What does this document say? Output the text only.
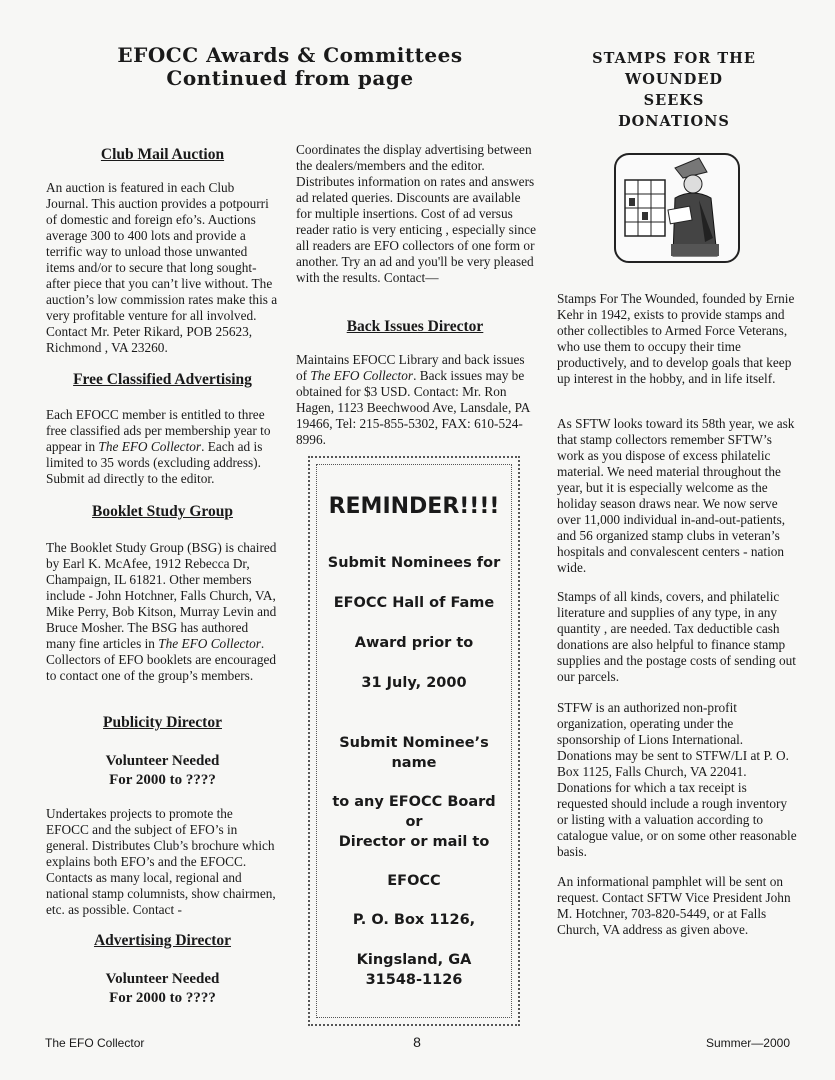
EFOCC Awards & Committees
Continued from page
STAMPS FOR THE
WOUNDED
SEEKS
DONATIONS
Club Mail Auction
An auction is featured in each Club Journal. This auction provides a potpourri of domestic and foreign efo’s. Auctions average 300 to 400 lots and provide a terrific way to unload those unwanted items and/or to secure that long sought-after piece that you can’t live without. The auction’s low commission rates make this a very profitable venture for all involved. Contact Mr. Peter Rikard, POB 25623, Richmond , VA 23260.
Free Classified Advertising
Each EFOCC member is entitled to three free classified ads per membership year to appear in The EFO Collector. Each ad is limited to 35 words (excluding address). Submit ad directly to the editor.
Booklet Study Group
The Booklet Study Group (BSG) is chaired by Earl K. McAfee, 1912 Rebecca Dr, Champaign, IL 61821. Other members include - John Hotchner, Falls Church, VA, Mike Perry, Bob Kitson, Murray Levin and Bruce Mosher. The BSG has authored many fine articles in The EFO Collector. Collectors of EFO booklets are encouraged to contact one of the group’s members.
Publicity Director
Volunteer Needed
For 2000 to ????
Undertakes projects to promote the EFOCC and the subject of EFO’s in general. Distributes Club’s brochure which explains both EFO’s and the EFOCC. Contacts as many local, regional and national stamp columnists, show chairmen, etc. as possible. Contact -
Advertising Director
Volunteer Needed
For 2000 to ????
Coordinates the display advertising between the dealers/members and the editor. Distributes information on rates and answers ad related queries. Discounts are available for multiple insertions. Cost of ad versus reader ratio is very enticing , especially since all readers are EFO collectors of one form or another. Try an ad and you'll be very pleased with the results. Contact—
Back Issues Director
Maintains EFOCC Library and back issues of The EFO Collector. Back issues may be obtained for $3 USD. Contact: Mr. Ron Hagen, 1123 Beechwood Ave, Lansdale, PA 19466, Tel: 215-855-5302, FAX: 610-524-8996.
REMINDER!!!!
Submit Nominees for
EFOCC Hall of Fame
Award prior to
31 July, 2000
Submit Nominee’s
name
to any EFOCC Board
or
Director or mail to
EFOCC
P. O. Box 1126,
Kingsland, GA
31548-1126
Stamps For The Wounded, founded by Ernie Kehr in 1942, exists to provide stamps and other collectibles to Armed Force Veterans, who use them to occupy their time productively, and to develop goals that keep up interest in the hobby, and in life itself.
As SFTW looks toward its 58th year, we ask that stamp collectors remember SFTW’s work as you dispose of excess philatelic material. We need material throughout the year, but it is especially welcome as the holiday season draws near. We now serve over 11,000 individual in-and-out-patients, and 56 organized stamp clubs in veteran’s hospitals and convalescent centers - nation wide.
Stamps of all kinds, covers, and philatelic literature and supplies of any type, in any quantity , are needed. Tax deductible cash donations are also helpful to finance stamp supplies and the postage costs of sending out our parcels.
STFW is an authorized non-profit organization, operating under the sponsorship of Lions International. Donations may be sent to STFW/LI at P. O. Box 1125, Falls Church, VA 22041. Donations for which a tax receipt is requested should include a rough inventory or listing with a valuation according to catalogue value, or on some other reasonable basis.
An informational pamphlet will be sent on request. Contact SFTW Vice President John M. Hotchner, 703-820-5449, or at Falls Church, VA address as given above.
The EFO Collector	8	Summer—2000
